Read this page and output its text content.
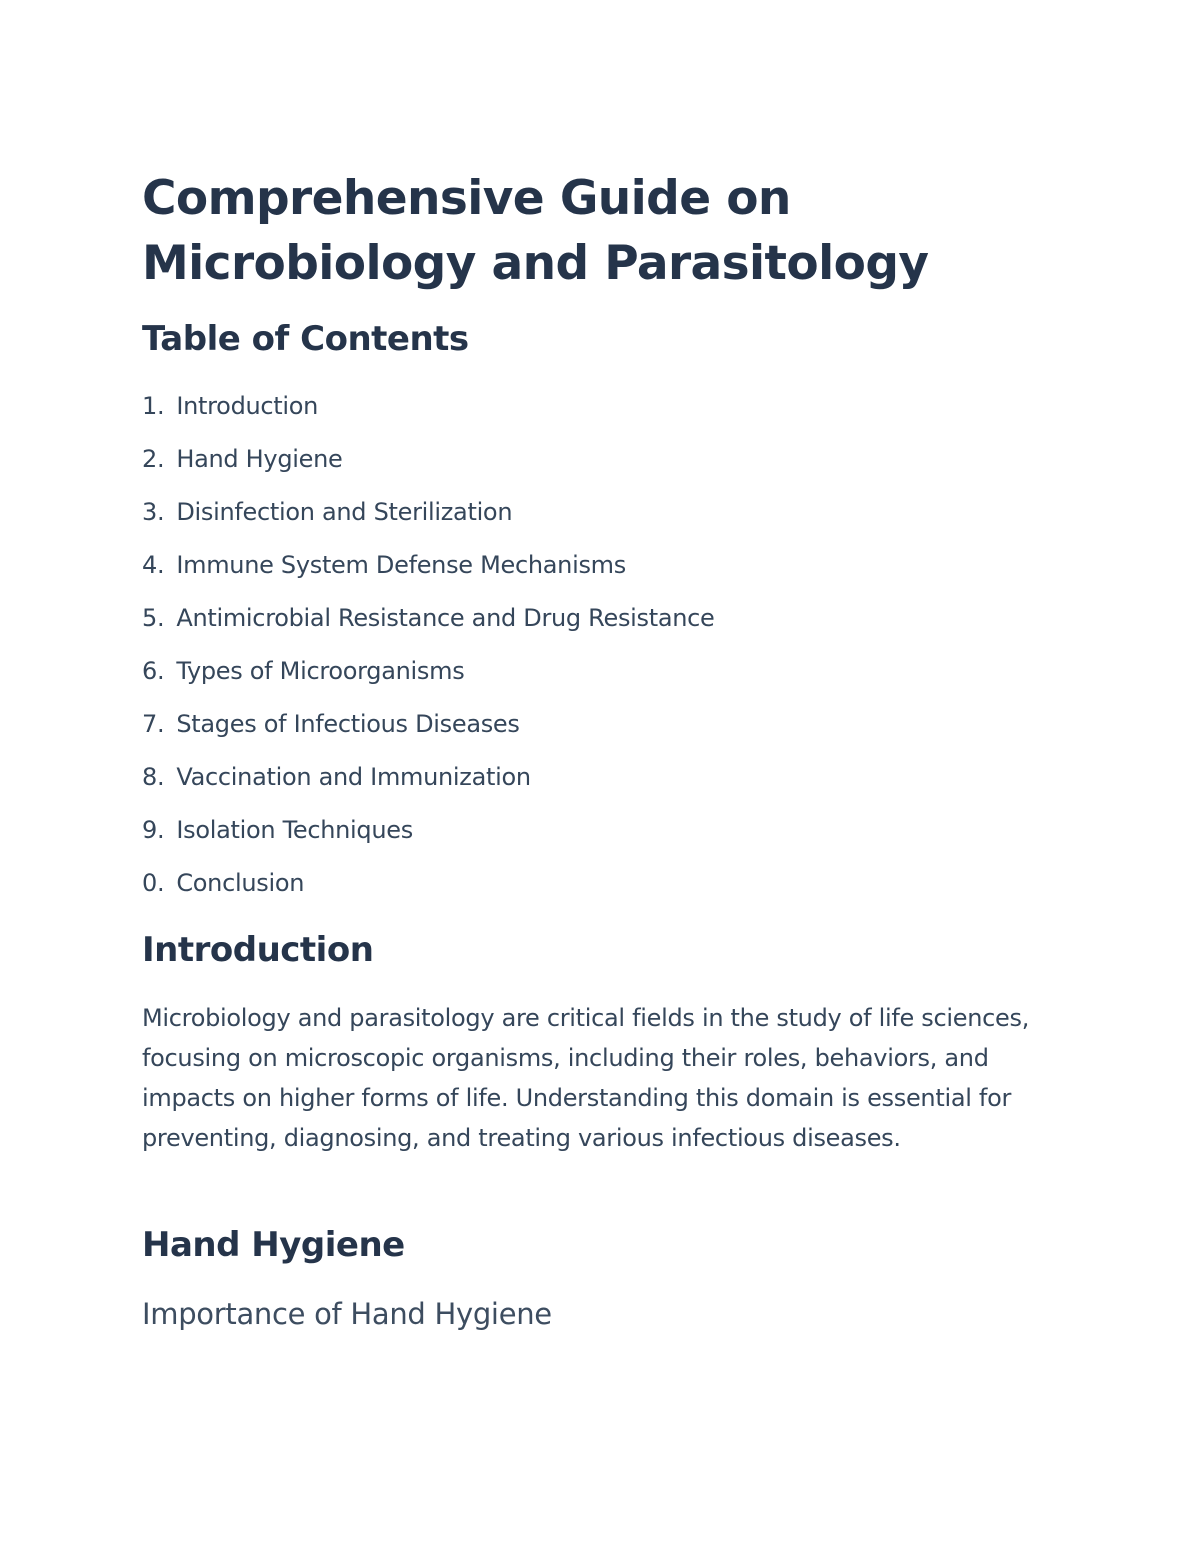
Comprehensive Guide on Microbiology and Parasitology
Table of Contents
1. Introduction
2. Hand Hygiene
3. Disinfection and Sterilization
4. Immune System Defense Mechanisms
5. Antimicrobial Resistance and Drug Resistance
6. Types of Microorganisms
7. Stages of Infectious Diseases
8. Vaccination and Immunization
9. Isolation Techniques
0. Conclusion
Introduction

Microbiology and parasitology are critical fields in the study of life sciences, focusing on microscopic organisms, including their roles, behaviors, and impacts on higher forms of life. Understanding this domain is essential for preventing, diagnosing, and treating various infectious diseases.

Hand Hygiene
Importance of Hand Hygiene
